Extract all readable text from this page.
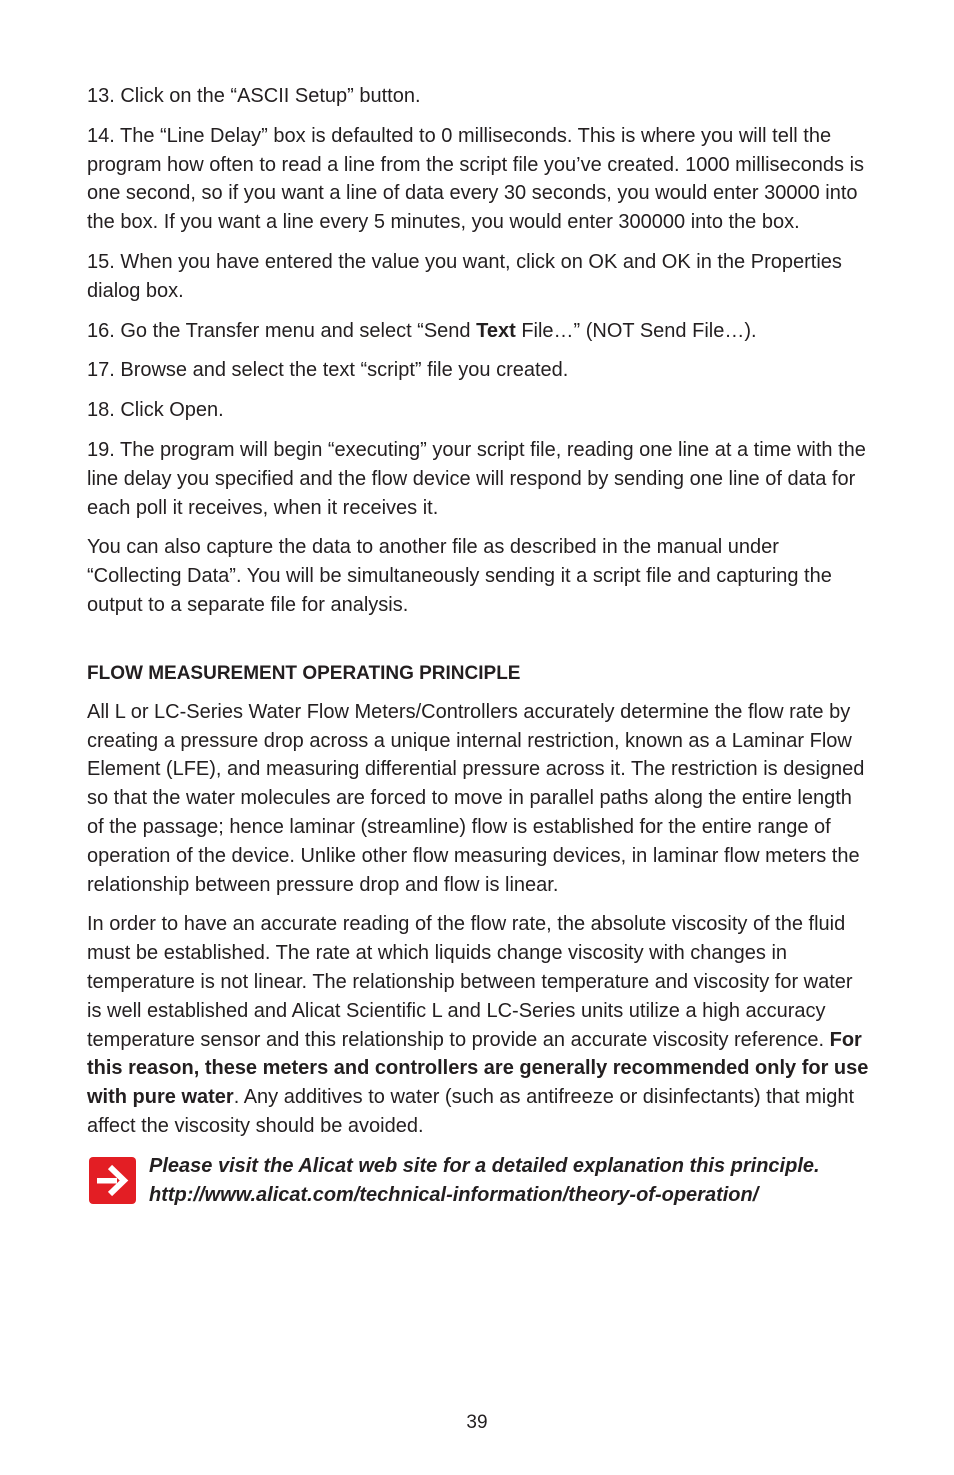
13. Click on the “ASCII Setup” button.

14. The “Line Delay” box is defaulted to 0 milliseconds. This is where you will tell the program how often to read a line from the script file you’ve created. 1000 milliseconds is one second, so if you want a line of data every 30 seconds, you would enter 30000 into the box. If you want a line every 5 minutes, you would enter 300000 into the box.

15. When you have entered the value you want, click on OK and OK in the Properties dialog box.

16. Go the Transfer menu and select “Send Text File…” (NOT Send File…).

17. Browse and select the text “script” file you created.

18. Click Open.

19. The program will begin “executing” your script file, reading one line at a time with the line delay you specified and the flow device will respond by sending one line of data for each poll it receives, when it receives it.

You can also capture the data to another file as described in the manual under “Collecting Data”. You will be simultaneously sending it a script file and capturing the output to a separate file for analysis.

FLOW MEASUREMENT OPERATING PRINCIPLE

All L or LC-Series Water Flow Meters/Controllers accurately determine the flow rate by creating a pressure drop across a unique internal restriction, known as a Laminar Flow Element (LFE), and measuring differential pressure across it. The restriction is designed so that the water molecules are forced to move in parallel paths along the entire length of the passage; hence laminar (streamline) flow is established for the entire range of operation of the device. Unlike other flow measuring devices, in laminar flow meters the relationship between pressure drop and flow is linear.

In order to have an accurate reading of the flow rate, the absolute viscosity of the fluid must be established. The rate at which liquids change viscosity with changes in temperature is not linear. The relationship between temperature and viscosity for water is well established and Alicat Scientific L and LC-Series units utilize a high accuracy temperature sensor and this relationship to provide an accurate viscosity reference. For this reason, these meters and controllers are generally recommended only for use with pure water. Any additives to water (such as antifreeze or disinfectants) that might affect the viscosity should be avoided.

Please visit the Alicat web site for a detailed explanation this principle.
http://www.alicat.com/technical-information/theory-of-operation/

39
